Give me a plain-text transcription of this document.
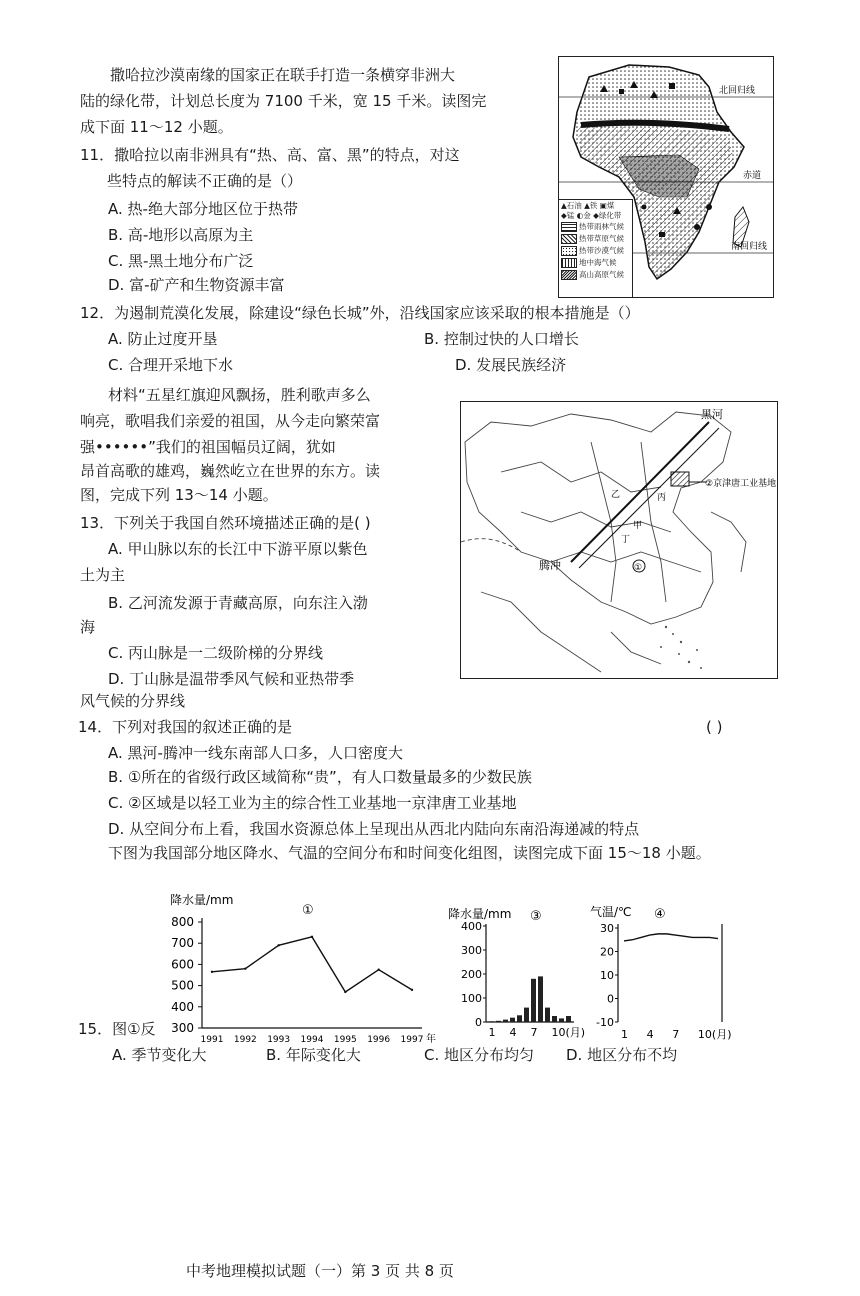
撒哈拉沙漠南缘的国家正在联手打造一条横穿非洲大
陆的绿化带，计划总长度为 7100 千米，宽 15 千米。读图完
成下面 11～12 小题。
11．撒哈拉以南非洲具有“热、高、富、黑”的特点，对这
些特点的解读不正确的是（）
A. 热-绝大部分地区位于热带
B. 高-地形以高原为主
C. 黑-黑土地分布广泛
D. 富-矿产和生物资源丰富
北回归线
赤道
南回归线
▲石油 ▲铁 ▣煤
◆锰 ◐金 ◆绿化带
热带雨林气候
热带草原气候
热带沙漠气候
地中海气候
高山高原气候
12．为遏制荒漠化发展，除建设“绿色长城”外，沿线国家应该采取的根本措施是（）
A. 防止过度开垦	B. 控制过快的人口增长
C. 合理开采地下水	D. 发展民族经济
材料“五星红旗迎风飘扬，胜利歌声多么
响亮，歌唱我们亲爱的祖国，从今走向繁荣富
强••••••”我们的祖国幅员辽阔，犹如
昂首高歌的雄鸡，巍然屹立在世界的东方。读
图，完成下列 13～14 小题。
黑河
腾冲
②京津唐工业基地
丙
甲
乙
丁
①
13．下列关于我国自然环境描述正确的是( )
A. 甲山脉以东的长江中下游平原以紫色
土为主
B. 乙河流发源于青藏高原，向东注入渤
海
C. 丙山脉是一二级阶梯的分界线
D. 丁山脉是温带季风气候和亚热带季
风气候的分界线
14．下列对我国的叙述正确的是	( )
A. 黑河-腾冲一线东南部人口多，人口密度大
B. ①所在的省级行政区域简称“贵”，有人口数量最多的少数民族
C. ②区域是以轻工业为主的综合性工业基地一京津唐工业基地
D. 从空间分布上看，我国水资源总体上呈现出从西北内陆向东南沿海递减的特点
下图为我国部分地区降水、气温的空间分布和时间变化组图，读图完成下面 15～18 小题。
降水量/mm
①
300
400
500
600
700
800
1991 1992 1993 1994 1995 1996 1997 年
降水量/mm ③
0
100
200
300
400
1 4 7 10(月)
气温/℃ ④
-10
0
10
20
30
1 4 7 10(月)
15．图①反
A. 季节变化大	B. 年际变化大	C. 地区分布均匀 D. 地区分布不均
中考地理模拟试题（一）第 3 页 共 8 页
